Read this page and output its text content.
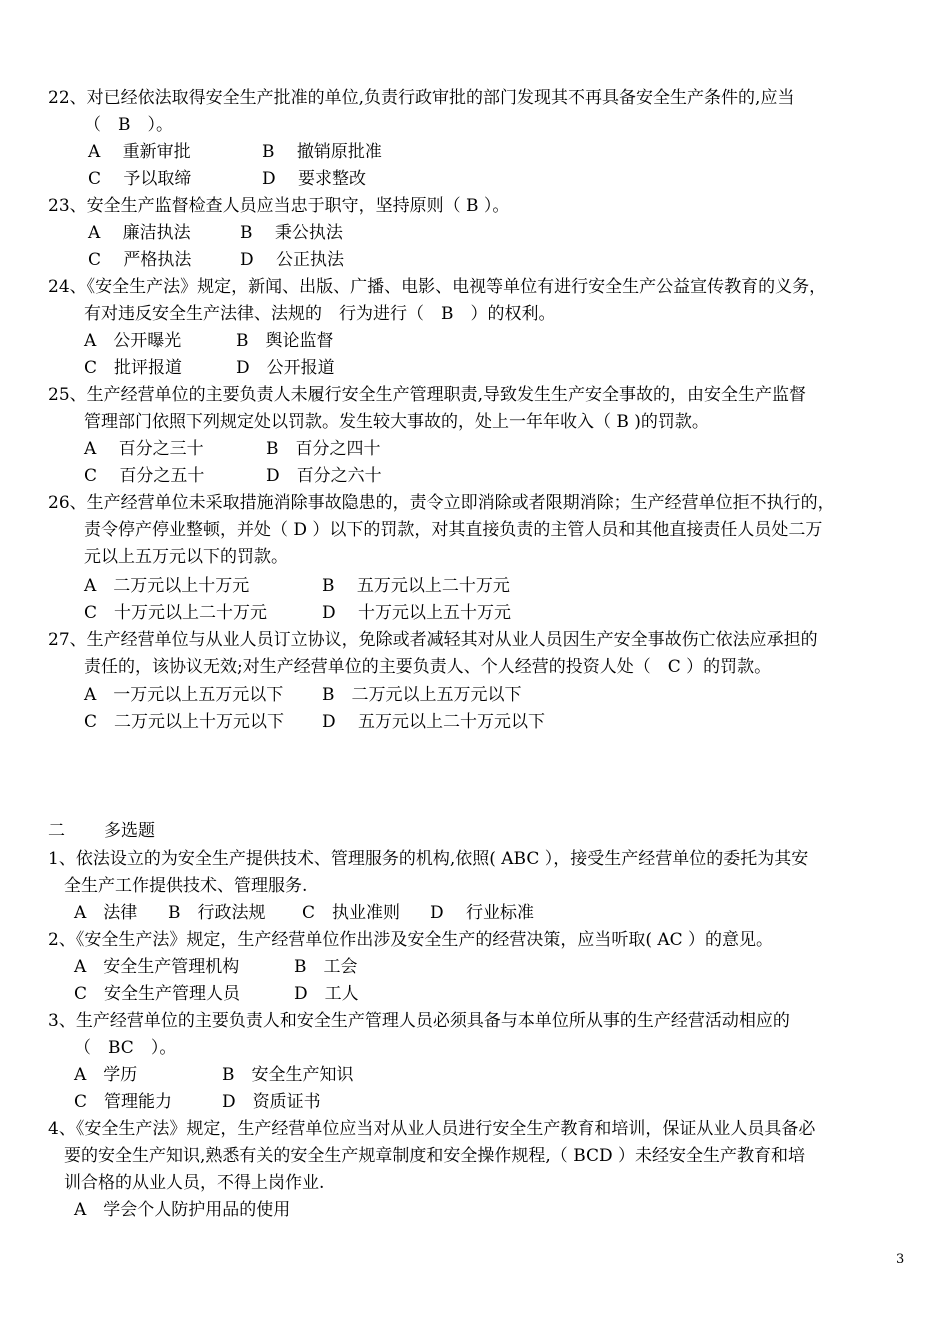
22、对已经依法取得安全生产批准的单位,负责行政审批的部门发现其不再具备安全生产条件的,应当
（　B　）。
A　 重新审批	B　 撤销原批准
C　 予以取缔	D　 要求整改
23、安全生产监督检查人员应当忠于职守，坚持原则（ B ）。
A　 廉洁执法	B　 秉公执法
C　 严格执法	D　 公正执法
24、《安全生产法》规定，新闻、出版、广播、电影、电视等单位有进行安全生产公益宣传教育的义务，
有对违反安全生产法律、法规的　行为进行（　B　）的权利。
A　公开曝光	B　舆论监督
C　批评报道	D　公开报道
25、生产经营单位的主要负责人未履行安全生产管理职责,导致发生生产安全事故的，由安全生产监督
管理部门依照下列规定处以罚款。发生较大事故的，处上一年年收入（ B )的罚款。
A　 百分之三十	B　百分之四十
C　 百分之五十	D　百分之六十
26、生产经营单位未采取措施消除事故隐患的，责令立即消除或者限期消除；生产经营单位拒不执行的，
责令停产停业整顿，并处（ D ）以下的罚款，对其直接负责的主管人员和其他直接责任人员处二万
元以上五万元以下的罚款。
A　二万元以上十万元	B　 五万元以上二十万元
C　十万元以上二十万元	D　 十万元以上五十万元
27、生产经营单位与从业人员订立协议，免除或者减轻其对从业人员因生产安全事故伤亡依法应承担的
责任的，该协议无效;对生产经营单位的主要负责人、个人经营的投资人处（　C ）的罚款。
A　一万元以上五万元以下 B　二万元以上五万元以下
C　二万元以上十万元以下 D　 五万元以上二十万元以下
二 多选题
1、依法设立的为安全生产提供技术、管理服务的机构,依照( ABC ），接受生产经营单位的委托为其安
全生产工作提供技术、管理服务.
A　法律 B　行政法规 C　执业准则 D　 行业标准
2、《安全生产法》规定，生产经营单位作出涉及安全生产的经营决策，应当听取( AC ）的意见。
A　安全生产管理机构	B　工会
C　安全生产管理人员	D　工人
3、生产经营单位的主要负责人和安全生产管理人员必须具备与本单位所从事的生产经营活动相应的
（　BC　）。
A　学历	B　安全生产知识
C　管理能力	D　资质证书
4、《安全生产法》规定，生产经营单位应当对从业人员进行安全生产教育和培训，保证从业人员具备必
要的安全生产知识,熟悉有关的安全生产规章制度和安全操作规程,（ BCD ）未经安全生产教育和培
训合格的从业人员，不得上岗作业.
A　学会个人防护用品的使用
3
